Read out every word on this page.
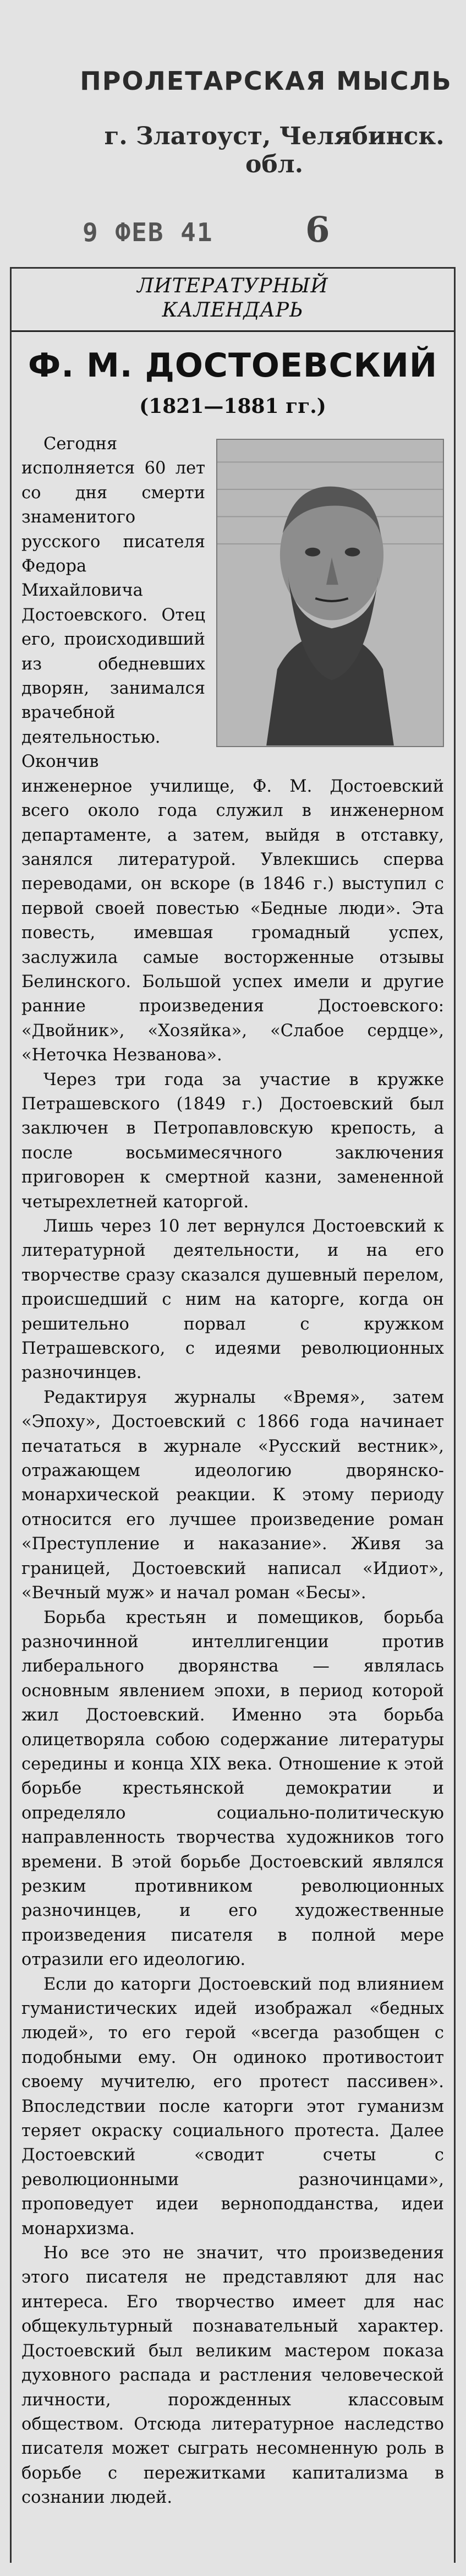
ПРОЛЕТАРСКАЯ МЫСЛЬ
г. Златоуст, Челябинск. обл.
9 ФЕВ 41	6
ЛИТЕРАТУРНЫЙ
КАЛЕНДАРЬ
Ф. М. ДОСТОЕВСКИЙ
(1821—1881 гг.)

Сегодня исполняется 60 лет со дня смерти знаменитого русского писателя Федора Михайловича Достоевского. Отец его, происходивший из обедневших дворян, занимался врачебной деятельностью. Окончив инженерное училище, Ф. М. Достоевский всего около года служил в инженерном департаменте, а затем, выйдя в отставку, занялся литературой. Увлекшись сперва переводами, он вскоре (в 1846 г.) выступил с первой своей повестью «Бедные люди». Эта повесть, имевшая громадный успех, заслужила самые восторженные отзывы Белинского. Большой успех имели и другие ранние произведения Достоевского: «Двойник», «Хозяйка», «Слабое сердце», «Неточка Незванова».

Через три года за участие в кружке Петрашевского (1849 г.) Достоевский был заключен в Петропавловскую крепость, а после восьмимесячного заключения приговорен к смертной казни, замененной четырехлетней каторгой.

Лишь через 10 лет вернулся Достоевский к литературной деятельности, и на его творчестве сразу сказался душевный перелом, происшедший с ним на каторге, когда он решительно порвал с кружком Петрашевского, с идеями революционных разночинцев.

Редактируя журналы «Время», затем «Эпоху», Достоевский с 1866 года начинает печататься в журнале «Русский вестник», отражающем идеологию дворянско-монархической реакции. К этому периоду относится его лучшее произведение роман «Преступление и наказание». Живя за границей, Достоевский написал «Идиот», «Вечный муж» и начал роман «Бесы».

Борьба крестьян и помещиков, борьба разночинной интеллигенции против либерального дворянства — являлась основным явлением эпохи, в период которой жил Достоевский. Именно эта борьба олицетворяла собою содержание литературы середины и конца XIX века. Отношение к этой борьбе крестьянской демократии и определяло социально-политическую направленность творчества художников того времени. В этой борьбе Достоевский являлся резким противником революционных разночинцев, и его художественные произведения писателя в полной мере отразили его идеологию.

Если до каторги Достоевский под влиянием гуманистических идей изображал «бедных людей», то его герой «всегда разобщен с подобными ему. Он одиноко противостоит своему мучителю, его протест пассивен». Впоследствии после каторги этот гуманизм теряет окраску социального протеста. Далее Достоевский «сводит счеты с революционными разночинцами», проповедует идеи верноподданства, идеи монархизма.

Но все это не значит, что произведения этого писателя не представляют для нас интереса. Его творчество имеет для нас общекультурный познавательный характер. Достоевский был великим мастером показа духовного распада и растления человеческой личности, порожденных классовым обществом. Отсюда литературное наследство писателя может сыграть несомненную роль в борьбе с пережитками капитализма в сознании людей.
